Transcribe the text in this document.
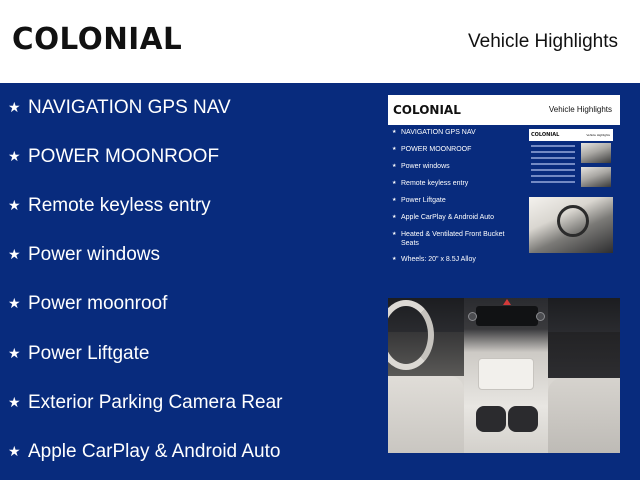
COLONIAL	Vehicle Highlights
★ NAVIGATION GPS NAV
★ POWER MOONROOF
★ Remote keyless entry
★ Power windows
★ Power moonroof
★ Power Liftgate
★ Exterior Parking Camera Rear
★ Apple CarPlay & Android Auto
COLONIAL	Vehicle Highlights
★ NAVIGATION GPS NAV
★ POWER MOONROOF
★ Power windows
★ Remote keyless entry
★ Power Liftgate
★ Apple CarPlay & Android Auto
★ Heated & Ventilated Front Bucket Seats
★ Wheels: 20" x 8.5J Alloy
COLONIAL	Vehicle Highlights
